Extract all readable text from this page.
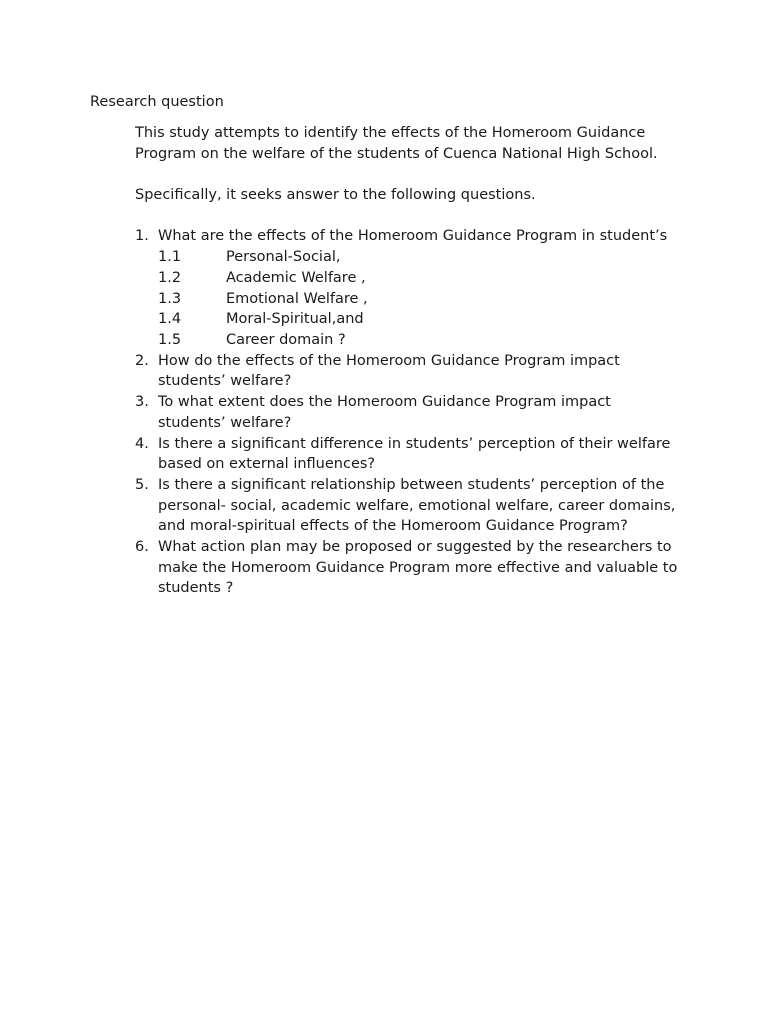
Research question

This study attempts to identify the effects of the Homeroom Guidance Program on the welfare of the students of Cuenca National High School.

Specifically, it seeks answer to the following questions.

1. What are the effects of the Homeroom Guidance Program in student’s
1.1	Personal-Social,
1.2	Academic Welfare ,
1.3	Emotional Welfare ,
1.4	Moral-Spiritual,and
1.5	Career domain ?
2. How do the effects of the Homeroom Guidance Program impact students’ welfare?
3. To what extent does the Homeroom Guidance Program impact students’ welfare?
4. Is there a significant difference in students’ perception of their welfare based on external influences?
5. Is there a significant relationship between students’ perception of the personal- social, academic welfare, emotional welfare, career domains, and moral-spiritual effects of the Homeroom Guidance Program?
6. What action plan may be proposed or suggested by the researchers to make the Homeroom Guidance Program more effective and valuable to students ?
